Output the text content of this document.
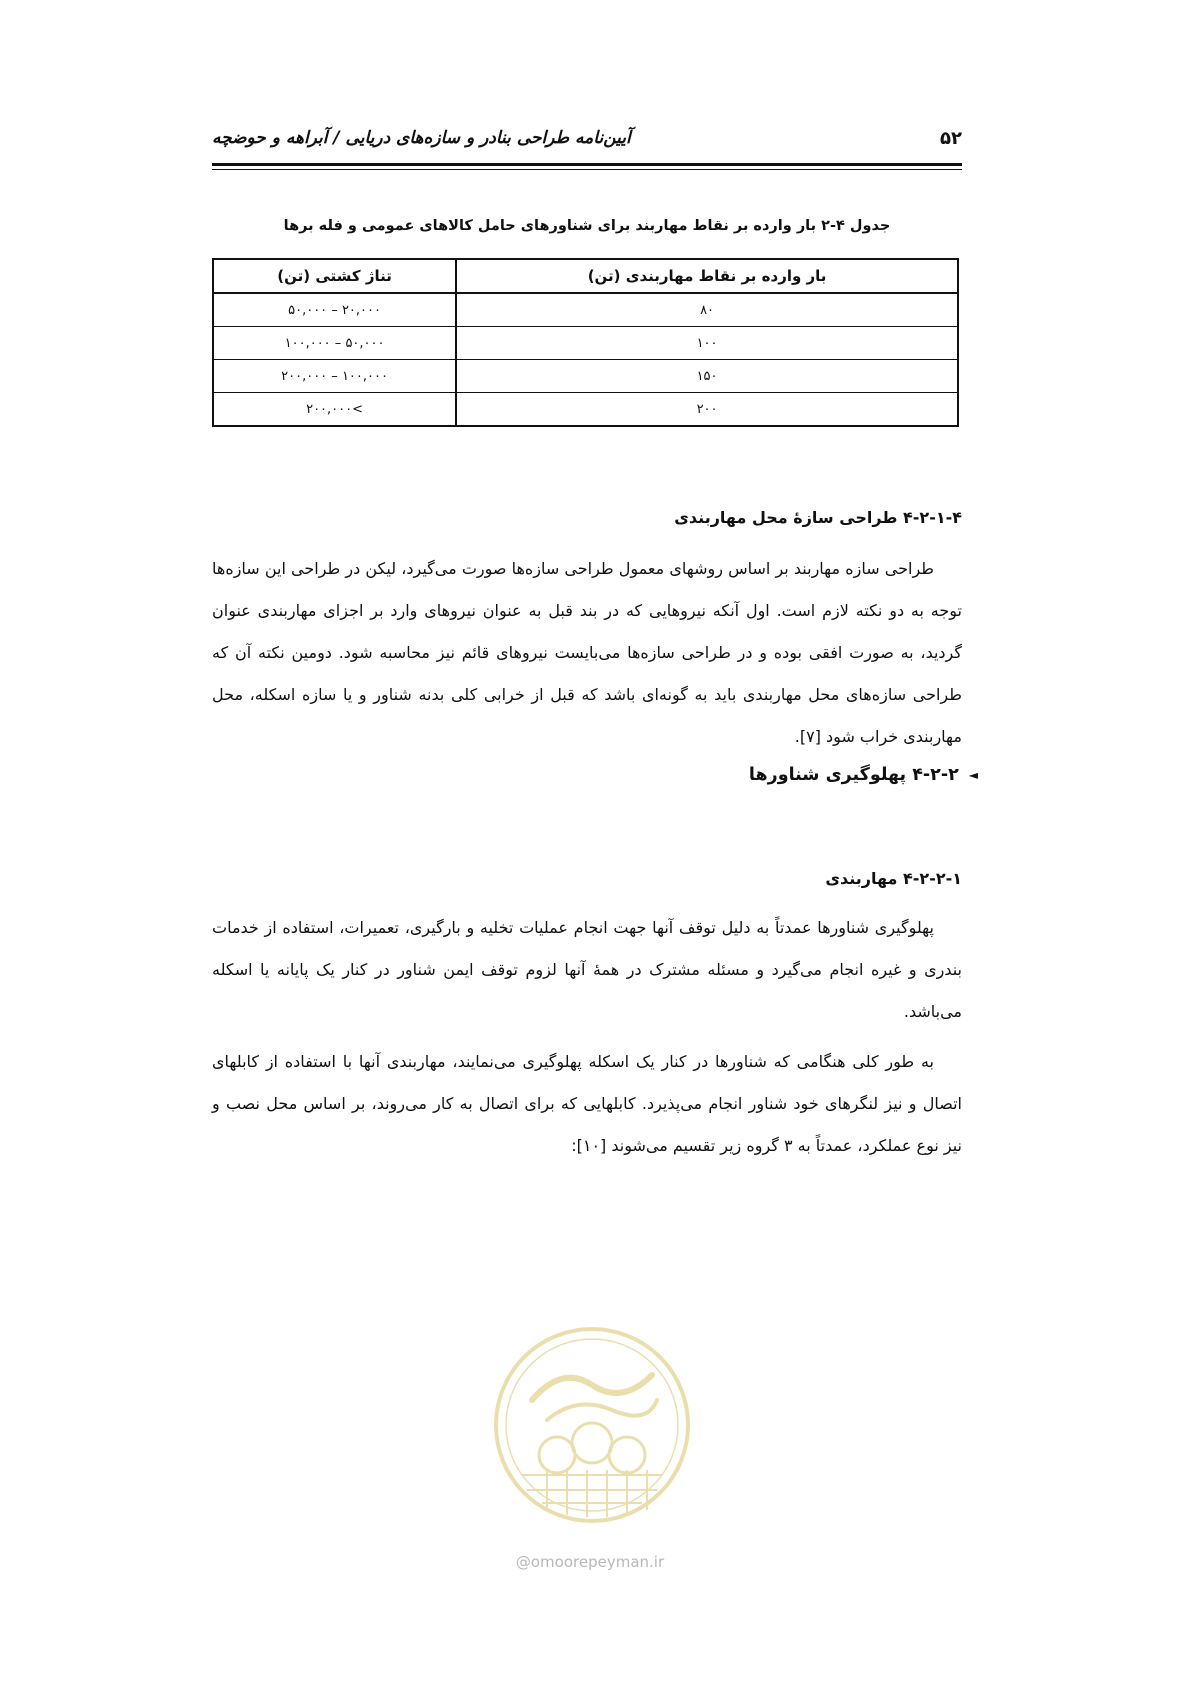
۵۲
آیین‌نامه طراحی بنادر و سازه‌های دریایی / آبراهه و حوضچه
جدول ۴-۲ بار وارده بر نقاط مهاربند برای شناورهای حامل کالاهای عمومی و فله برها
بار وارده بر نقاط مهاربندی (تن)	تناژ کشتی (تن)
۸۰	۲۰,۰۰۰ – ۵۰,۰۰۰
۱۰۰	۵۰,۰۰۰ – ۱۰۰,۰۰۰
۱۵۰	۱۰۰,۰۰۰ – ۲۰۰,۰۰۰
۲۰۰	>۲۰۰,۰۰۰
۴-۲-۱-۴ طراحی سازهٔ محل مهاربندی

طراحی سازه مهاربند بر اساس روشهای معمول طراحی سازه‌ها صورت می‌گیرد، لیکن در طراحی این سازه‌ها توجه به دو نکته لازم است. اول آنکه نیروهایی که در بند قبل به عنوان نیروهای وارد بر اجزای مهاربندی عنوان گردید، به صورت افقی بوده و در طراحی سازه‌ها می‌بایست نیروهای قائم نیز محاسبه شود. دومین نکته آن که طراحی سازه‌های محل مهاربندی باید به گونه‌ای باشد که قبل از خرابی کلی بدنه شناور و یا سازه اسکله، محل مهاربندی خراب شود [۷].

◄۴-۲-۲ پهلوگیری شناورها
۴-۲-۲-۱ مهاربندی

پهلوگیری شناورها عمدتاً به دلیل توقف آنها جهت انجام عملیات تخلیه و بارگیری، تعمیرات، استفاده از خدمات بندری و غیره انجام می‌گیرد و مسئله مشترک در همهٔ آنها لزوم توقف ایمن شناور در کنار یک پایانه یا اسکله می‌باشد.

به طور کلی هنگامی که شناورها در کنار یک اسکله پهلوگیری می‌نمایند، مهاربندی آنها با استفاده از کابلهای اتصال و نیز لنگرهای خود شناور انجام می‌پذیرد. کابلهایی که برای اتصال به کار می‌روند، بر اساس محل نصب و نیز نوع عملکرد، عمدتاً به ۳ گروه زیر تقسیم می‌شوند [۱۰]:

@omoorepeyman.ir
